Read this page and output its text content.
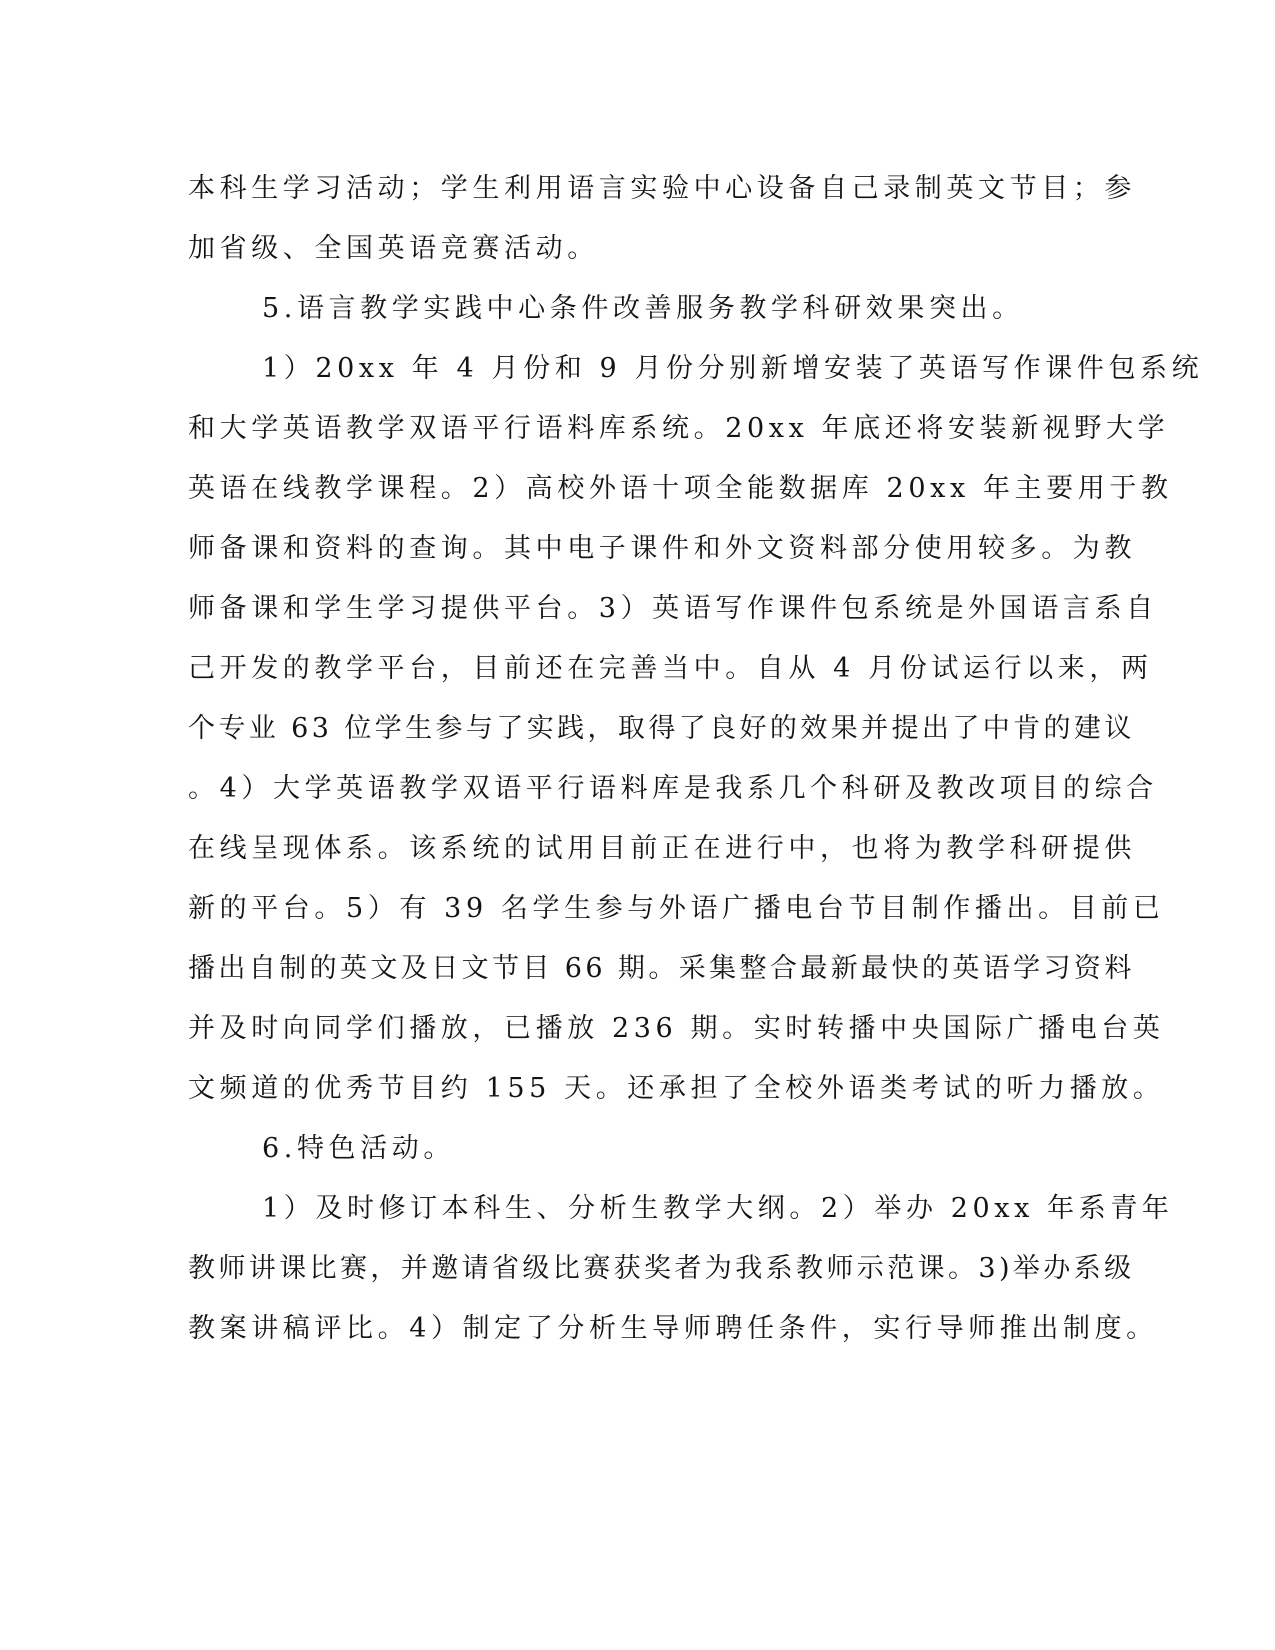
本科生学习活动；学生利用语言实验中心设备自己录制英文节目；参
加省级、全国英语竞赛活动。
5.语言教学实践中心条件改善服务教学科研效果突出。
1）20xx 年 4 月份和 9 月份分别新增安装了英语写作课件包系统
和大学英语教学双语平行语料库系统。20xx 年底还将安装新视野大学
英语在线教学课程。2）高校外语十项全能数据库 20xx 年主要用于教
师备课和资料的查询。其中电子课件和外文资料部分使用较多。为教
师备课和学生学习提供平台。3）英语写作课件包系统是外国语言系自
己开发的教学平台，目前还在完善当中。自从 4 月份试运行以来，两
个专业 63 位学生参与了实践，取得了良好的效果并提出了中肯的建议
。4）大学英语教学双语平行语料库是我系几个科研及教改项目的综合
在线呈现体系。该系统的试用目前正在进行中，也将为教学科研提供
新的平台。5）有 39 名学生参与外语广播电台节目制作播出。目前已
播出自制的英文及日文节目 66 期。采集整合最新最快的英语学习资料
并及时向同学们播放，已播放 236 期。实时转播中央国际广播电台英
文频道的优秀节目约 155 天。还承担了全校外语类考试的听力播放。
6.特色活动。
1）及时修订本科生、分析生教学大纲。2）举办 20xx 年系青年
教师讲课比赛，并邀请省级比赛获奖者为我系教师示范课。3)举办系级
教案讲稿评比。4）制定了分析生导师聘任条件，实行导师推出制度。
